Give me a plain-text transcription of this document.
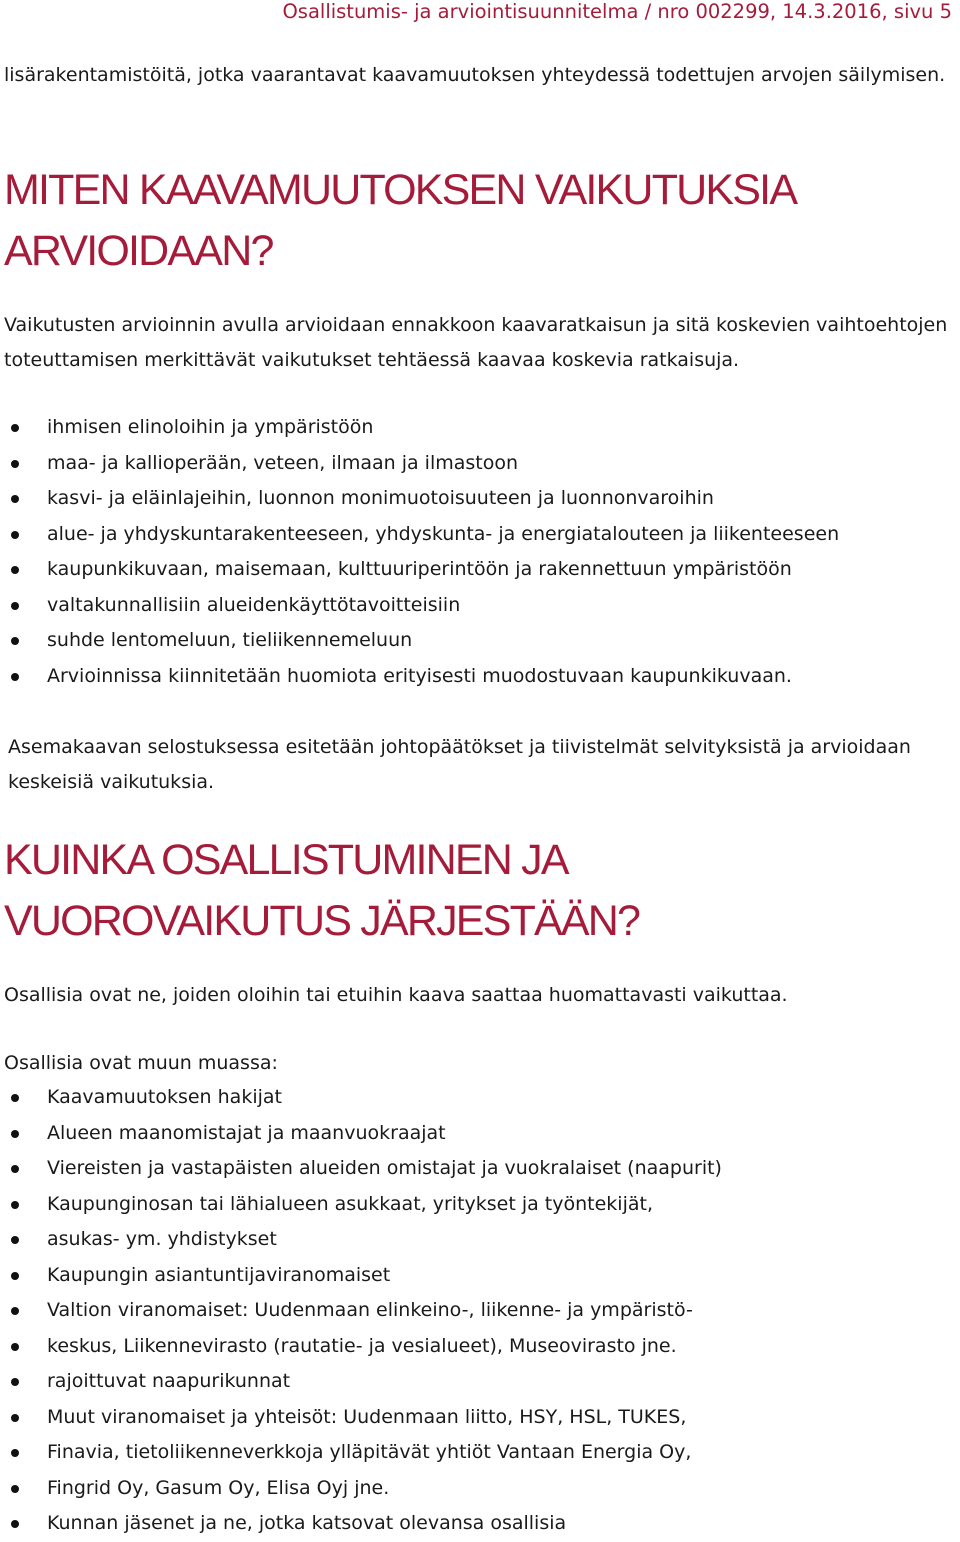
Osallistumis- ja arviointisuunnitelma / nro 002299, 14.3.2016, sivu 5

lisärakentamistöitä, jotka vaarantavat kaavamuutoksen yhteydessä todettujen arvojen säilymisen.

MITEN KAAVAMUUTOKSEN VAIKUTUKSIA
ARVIOIDAAN?

Vaikutusten arvioinnin avulla arvioidaan ennakkoon kaavaratkaisun ja sitä koskevien vaihtoehtojen toteuttamisen merkittävät vaikutukset tehtäessä kaavaa koskevia ratkaisuja.

ihmisen elinoloihin ja ympäristöön
maa- ja kallioperään, veteen, ilmaan ja ilmastoon
kasvi- ja eläinlajeihin, luonnon monimuotoisuuteen ja luonnonvaroihin
alue- ja yhdyskuntarakenteeseen, yhdyskunta- ja energiatalouteen ja liikenteeseen
kaupunkikuvaan, maisemaan, kulttuuriperintöön ja rakennettuun ympäristöön
valtakunnallisiin alueidenkäyttötavoitteisiin
suhde lentomeluun, tieliikennemeluun
Arvioinnissa kiinnitetään huomiota erityisesti muodostuvaan kaupunkikuvaan.

Asemakaavan selostuksessa esitetään johtopäätökset ja tiivistelmät selvityksistä ja arvioidaan keskeisiä vaikutuksia.

KUINKA OSALLISTUMINEN JA
VUOROVAIKUTUS JÄRJESTÄÄN?

Osallisia ovat ne, joiden oloihin tai etuihin kaava saattaa huomattavasti vaikuttaa.

Osallisia ovat muun muassa:

Kaavamuutoksen hakijat
Alueen maanomistajat ja maanvuokraajat
Viereisten ja vastapäisten alueiden omistajat ja vuokralaiset (naapurit)
Kaupunginosan tai lähialueen asukkaat, yritykset ja työntekijät,
asukas- ym. yhdistykset
Kaupungin asiantuntijaviranomaiset
Valtion viranomaiset: Uudenmaan elinkeino-, liikenne- ja ympäristö-
keskus, Liikennevirasto (rautatie- ja vesialueet), Museovirasto jne.
rajoittuvat naapurikunnat
Muut viranomaiset ja yhteisöt: Uudenmaan liitto, HSY, HSL, TUKES,
Finavia, tietoliikenneverkkoja ylläpitävät yhtiöt Vantaan Energia Oy,
Fingrid Oy, Gasum Oy, Elisa Oyj jne.
Kunnan jäsenet ja ne, jotka katsovat olevansa osallisia
